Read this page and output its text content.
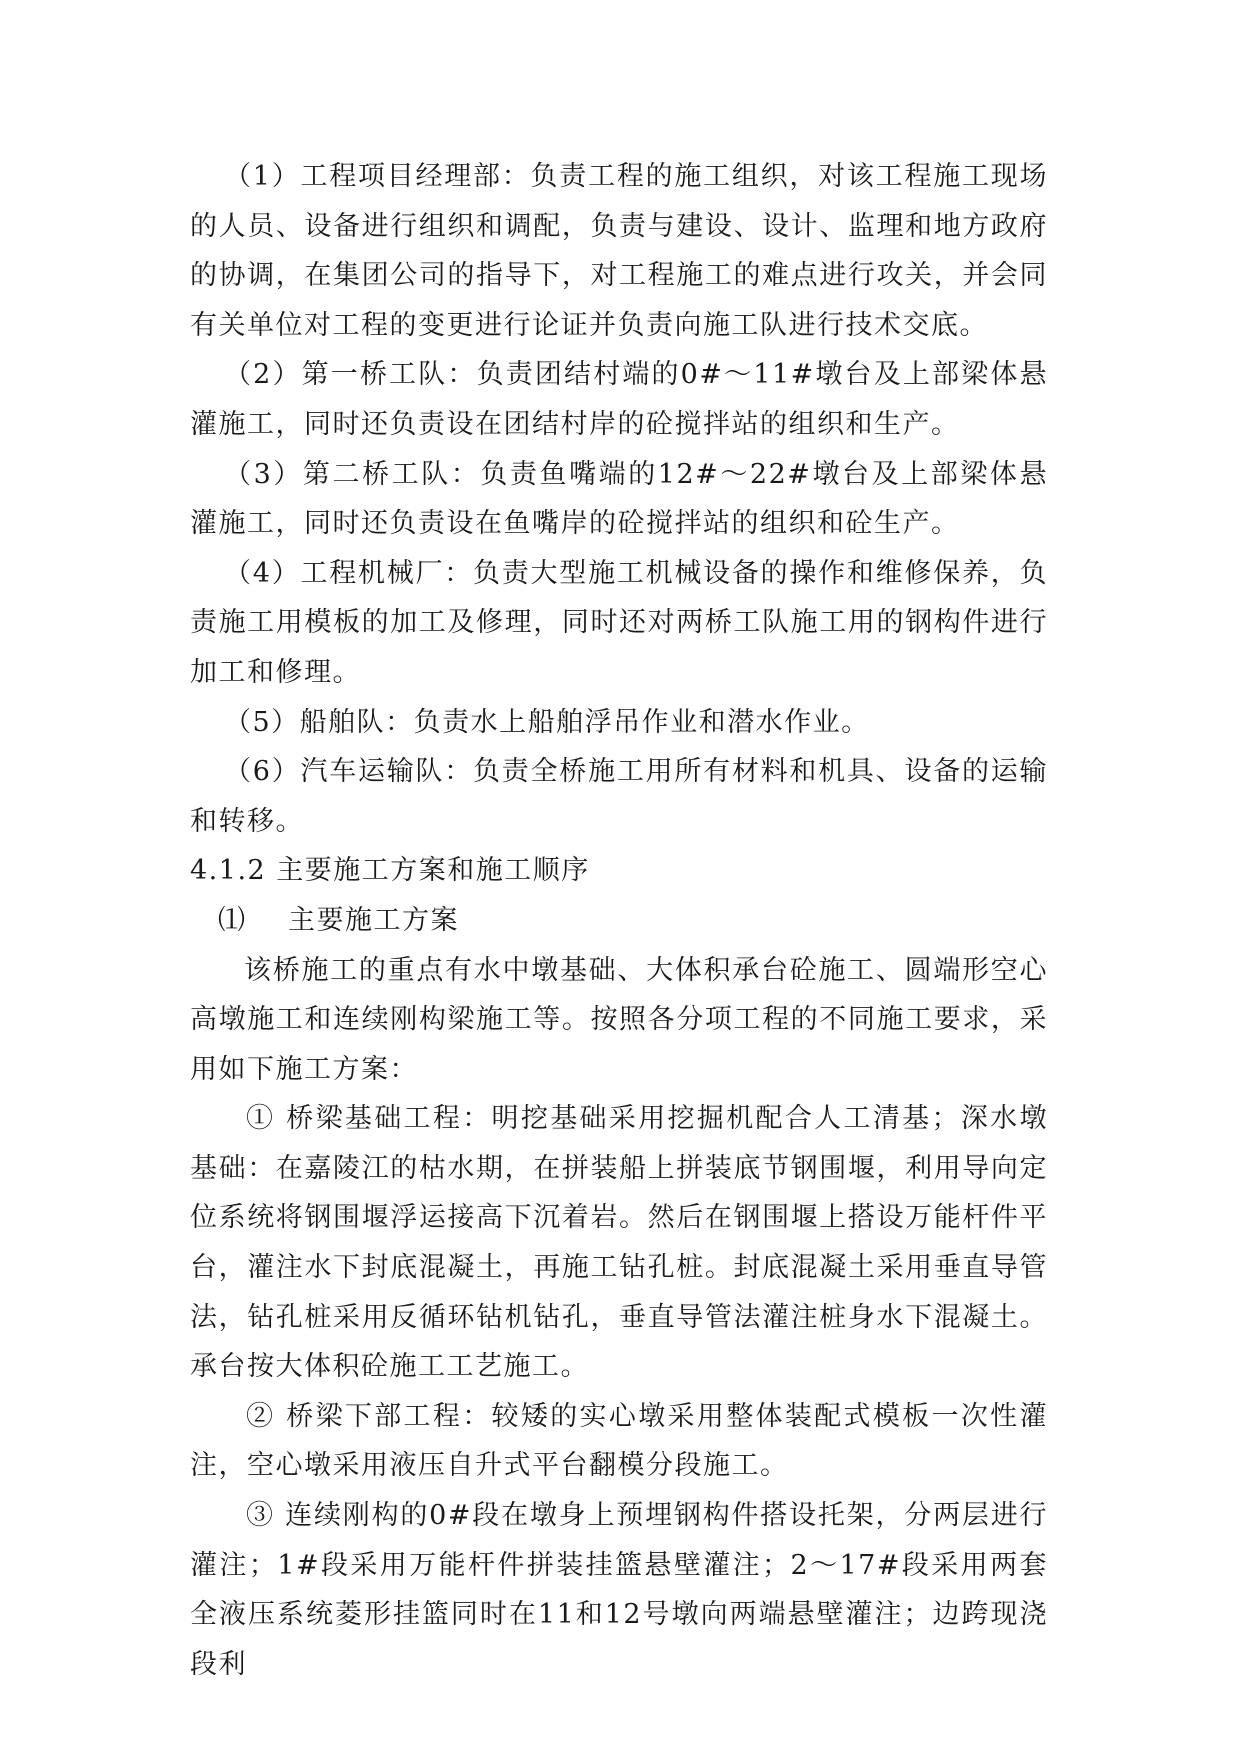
（1）工程项目经理部：负责工程的施工组织，对该工程施工现场的人员、设备进行组织和调配，负责与建设、设计、监理和地方政府的协调，在集团公司的指导下，对工程施工的难点进行攻关，并会同有关单位对工程的变更进行论证并负责向施工队进行技术交底。

（2）第一桥工队：负责团结村端的0#～11#墩台及上部梁体悬灌施工，同时还负责设在团结村岸的砼搅拌站的组织和生产。

（3）第二桥工队：负责鱼嘴端的12#～22#墩台及上部梁体悬灌施工，同时还负责设在鱼嘴岸的砼搅拌站的组织和砼生产。

（4）工程机械厂：负责大型施工机械设备的操作和维修保养，负责施工用模板的加工及修理，同时还对两桥工队施工用的钢构件进行加工和修理。

（5）船舶队：负责水上船舶浮吊作业和潜水作业。

（6）汽车运输队：负责全桥施工用所有材料和机具、设备的运输和转移。

4.1.2 主要施工方案和施工顺序

⑴ 主要施工方案

该桥施工的重点有水中墩基础、大体积承台砼施工、圆端形空心高墩施工和连续刚构梁施工等。按照各分项工程的不同施工要求，采用如下施工方案：

① 桥梁基础工程：明挖基础采用挖掘机配合人工清基；深水墩基础：在嘉陵江的枯水期，在拼装船上拼装底节钢围堰，利用导向定位系统将钢围堰浮运接高下沉着岩。然后在钢围堰上搭设万能杆件平台，灌注水下封底混凝土，再施工钻孔桩。封底混凝土采用垂直导管法，钻孔桩采用反循环钻机钻孔，垂直导管法灌注桩身水下混凝土。承台按大体积砼施工工艺施工。

② 桥梁下部工程：较矮的实心墩采用整体装配式模板一次性灌注，空心墩采用液压自升式平台翻模分段施工。

③ 连续刚构的0#段在墩身上预埋钢构件搭设托架，分两层进行灌注；1#段采用万能杆件拼装挂篮悬壁灌注；2～17#段采用两套全液压系统菱形挂篮同时在11和12号墩向两端悬壁灌注；边跨现浇段利
